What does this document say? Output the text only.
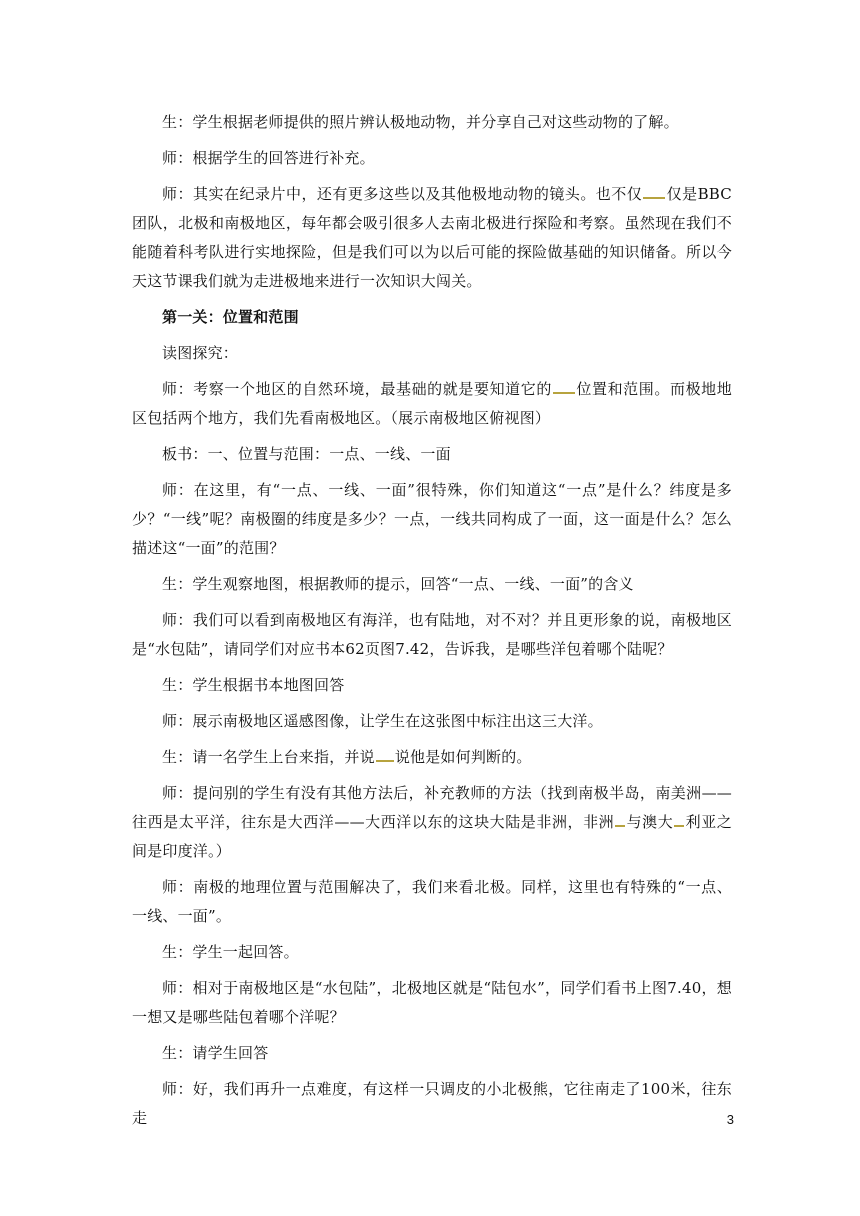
生：学生根据老师提供的照片辨认极地动物，并分享自己对这些动物的了解。

师：根据学生的回答进行补充。

师：其实在纪录片中，还有更多这些以及其他极地动物的镜头。也不仅 仅是BBC团队，北极和南极地区，每年都会吸引很多人去南北极进行探险和考察。虽然现在我们不能随着科考队进行实地探险，但是我们可以为以后可能的探险做基础的知识储备。所以今天这节课我们就为走进极地来进行一次知识大闯关。

第一关：位置和范围

读图探究：

师：考察一个地区的自然环境，最基础的就是要知道它的 位置和范围。而极地地区包括两个地方，我们先看南极地区。（展示南极地区俯视图）

板书：一、位置与范围：一点、一线、一面

师：在这里，有“一点、一线、一面”很特殊，你们知道这“一点”是什么？纬度是多少？“一线”呢？南极圈的纬度是多少？一点，一线共同构成了一面，这一面是什么？怎么描述这“一面”的范围？

生：学生观察地图，根据教师的提示，回答“一点、一线、一面”的含义

师：我们可以看到南极地区有海洋，也有陆地，对不对？并且更形象的说，南极地区是“水包陆”，请同学们对应书本62页图7.42，告诉我，是哪些洋包着哪个陆呢？

生：学生根据书本地图回答

师：展示南极地区遥感图像，让学生在这张图中标注出这三大洋。

生：请一名学生上台来指，并说 说他是如何判断的。

师：提问别的学生有没有其他方法后，补充教师的方法（找到南极半岛，南美洲——往西是太平洋，往东是大西洋——大西洋以东的这块大陆是非洲，非洲 与澳大 利亚之间是印度洋。）

师：南极的地理位置与范围解决了，我们来看北极。同样，这里也有特殊的“一点、一线、一面”。

生：学生一起回答。

师：相对于南极地区是“水包陆”，北极地区就是“陆包水”，同学们看书上图7.40，想一想又是哪些陆包着哪个洋呢？

生：请学生回答

师：好，我们再升一点难度，有这样一只调皮的小北极熊，它往南走了100米，往东走	3
